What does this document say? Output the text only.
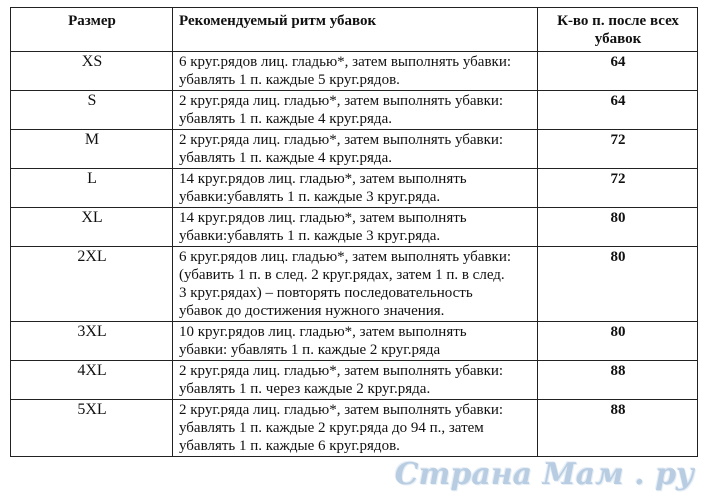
Размер	Рекомендуемый ритм убавок	К-во п. после всех убавок
XS	6 круг.рядов лиц. гладью*, затем выполнять убавки:
убавлять 1 п. каждые 5 круг.рядов.	64
S	2 круг.ряда лиц. гладью*, затем выполнять убавки:
убавлять 1 п. каждые 4 круг.ряда.	64
M	2 круг.ряда лиц. гладью*, затем выполнять убавки:
убавлять 1 п. каждые 4 круг.ряда.	72
L	14 круг.рядов лиц. гладью*, затем выполнять
убавки:убавлять 1 п. каждые 3 круг.ряда.	72
XL	14 круг.рядов лиц. гладью*, затем выполнять
убавки:убавлять 1 п. каждые 3 круг.ряда.	80
2XL	6 круг.рядов лиц. гладью*, затем выполнять убавки:
(убавить 1 п. в след. 2 круг.рядах, затем 1 п. в след.
3 круг.рядах) – повторять последовательность
убавок до достижения нужного значения.	80
3XL	10 круг.рядов лиц. гладью*, затем выполнять
убавки: убавлять 1 п. каждые 2 круг.ряда	80
4XL	2 круг.ряда лиц. гладью*, затем выполнять убавки:
убавлять 1 п. через каждые 2 круг.ряда.	88
5XL	2 круг.ряда лиц. гладью*, затем выполнять убавки:
убавлять 1 п. каждые 2 круг.ряда до 94 п., затем
убавлять 1 п. каждые 6 круг.рядов.	88
Страна Мам . ру
